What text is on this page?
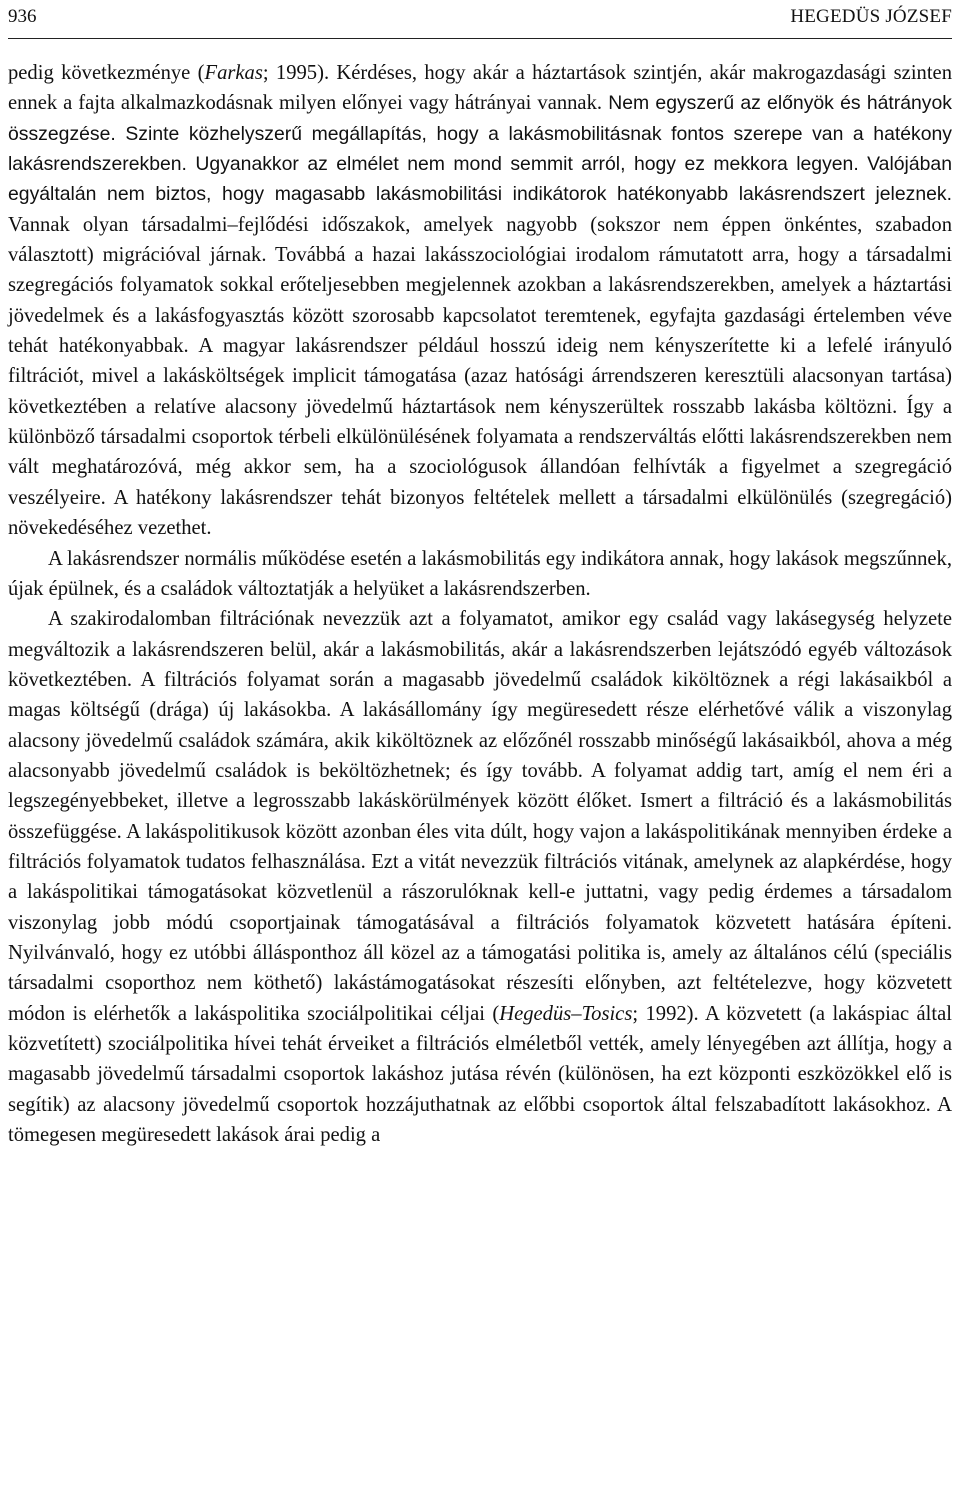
936	HEGEDÜS JÓZSEF

pedig következménye (Farkas; 1995). Kérdéses, hogy akár a háztartások szintjén, akár makrogazdasági szinten ennek a fajta alkalmazkodásnak milyen előnyei vagy hátrányai vannak. Nem egyszerű az előnyök és hátrányok összegzése. Szinte közhelyszerű megállapítás, hogy a lakásmobilitásnak fontos szerepe van a hatékony lakásrendszerekben. Ugyanakkor az elmélet nem mond semmit arról, hogy ez mekkora legyen. Valójában egyáltalán nem biztos, hogy magasabb lakásmobilitási indikátorok hatékonyabb lakásrendszert jeleznek. Vannak olyan társadalmi–fejlődési időszakok, amelyek nagyobb (sokszor nem éppen önkéntes, szabadon választott) migrációval járnak. Továbbá a hazai lakásszociológiai irodalom rámutatott arra, hogy a társadalmi szegregációs folyamatok sokkal erőteljesebben megjelennek azokban a lakásrendszerekben, amelyek a háztartási jövedelmek és a lakásfogyasztás között szorosabb kapcsolatot teremtenek, egyfajta gazdasági értelemben véve tehát hatékonyabbak. A magyar lakásrendszer például hosszú ideig nem kényszerítette ki a lefelé irányuló filtrációt, mivel a lakásköltségek implicit támogatása (azaz hatósági árrendszeren keresztüli alacsonyan tartása) következtében a relatíve alacsony jövedelmű háztartások nem kényszerültek rosszabb lakásba költözni. Így a különböző társadalmi csoportok térbeli elkülönülésének folyamata a rendszerváltás előtti lakásrendszerekben nem vált meghatározóvá, még akkor sem, ha a szociológusok állandóan felhívták a figyelmet a szegregáció veszélyeire. A hatékony lakásrendszer tehát bizonyos feltételek mellett a társadalmi elkülönülés (szegregáció) növekedéséhez vezethet.

A lakásrendszer normális működése esetén a lakásmobilitás egy indikátora annak, hogy lakások megszűnnek, újak épülnek, és a családok változtatják a helyüket a lakásrendszerben.

A szakirodalomban filtrációnak nevezzük azt a folyamatot, amikor egy család vagy lakásegység helyzete megváltozik a lakásrendszeren belül, akár a lakásmobilitás, akár a lakásrendszerben lejátszódó egyéb változások következtében. A filtrációs folyamat során a magasabb jövedelmű családok kiköltöznek a régi lakásaikból a magas költségű (drága) új lakásokba. A lakásállomány így megüresedett része elérhetővé válik a viszonylag alacsony jövedelmű családok számára, akik kiköltöznek az előzőnél rosszabb minőségű lakásaikból, ahova a még alacsonyabb jövedelmű családok is beköltözhetnek; és így tovább. A folyamat addig tart, amíg el nem éri a legszegényebbeket, illetve a legrosszabb lakáskörülmények között élőket. Ismert a filtráció és a lakásmobilitás összefüggése. A lakáspolitikusok között azonban éles vita dúlt, hogy vajon a lakáspolitikának mennyiben érdeke a filtrációs folyamatok tudatos felhasználása. Ezt a vitát nevezzük filtrációs vitának, amelynek az alapkérdése, hogy a lakáspolitikai támogatásokat közvetlenül a rászorulóknak kell-e juttatni, vagy pedig érdemes a társadalom viszonylag jobb módú csoportjainak támogatásával a filtrációs folyamatok közvetett hatására építeni. Nyilvánvaló, hogy ez utóbbi állásponthoz áll közel az a támogatási politika is, amely az általános célú (speciális társadalmi csoporthoz nem köthető) lakástámogatásokat részesíti előnyben, azt feltételezve, hogy közvetett módon is elérhetők a lakáspolitika szociálpolitikai céljai (Hegedüs–Tosics; 1992). A közvetett (a lakáspiac által közvetített) szociálpolitika hívei tehát érveiket a filtrációs elméletből vették, amely lényegében azt állítja, hogy a magasabb jövedelmű társadalmi csoportok lakáshoz jutása révén (különösen, ha ezt központi eszközökkel elő is segítik) az alacsony jövedelmű csoportok hozzájuthatnak az előbbi csoportok által felszabadított lakásokhoz. A tömegesen megüresedett lakások árai pedig a
